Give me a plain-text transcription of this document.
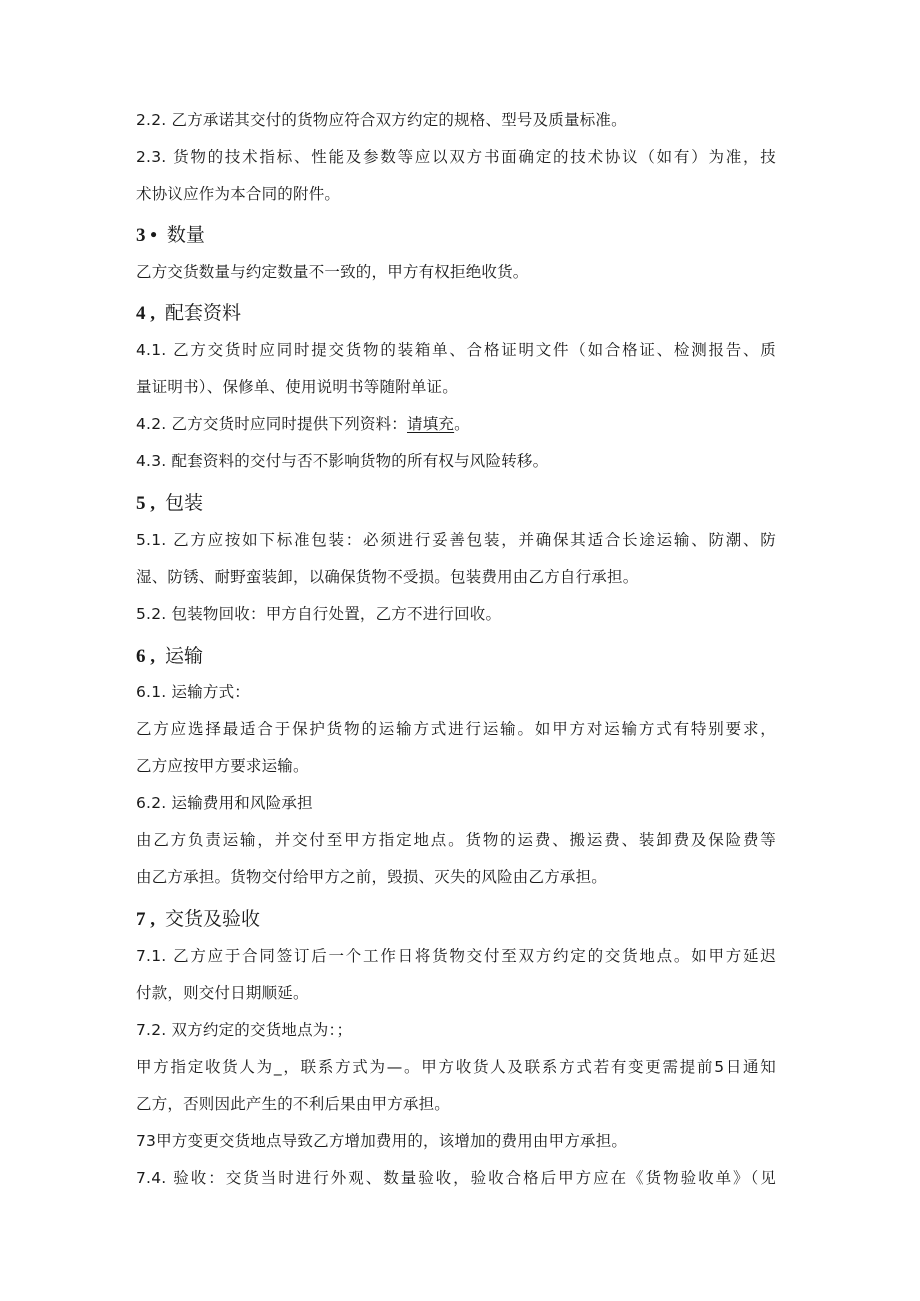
2.2. 乙方承诺其交付的货物应符合双方约定的规格、型号及质量标准。
2.3. 货物的技术指标、性能及参数等应以双方书面确定的技术协议（如有）为准，技
术协议应作为本合同的附件。
3 • 数量
乙方交货数量与约定数量不一致的，甲方有权拒绝收货。
4 , 配套资料
4.1. 乙方交货时应同时提交货物的装箱单、合格证明文件（如合格证、检测报告、质
量证明书）、保修单、使用说明书等随附单证。
4.2. 乙方交货时应同时提供下列资料：请填充。
4.3. 配套资料的交付与否不影响货物的所有权与风险转移。
5 , 包装
5.1. 乙方应按如下标准包装：必须进行妥善包装，并确保其适合长途运输、防潮、防
湿、防锈、耐野蛮装卸，以确保货物不受损。包装费用由乙方自行承担。
5.2. 包装物回收：甲方自行处置，乙方不进行回收。
6 , 运输
6.1. 运输方式：
乙方应选择最适合于保护货物的运输方式进行运输。如甲方对运输方式有特别要求，
乙方应按甲方要求运输。
6.2. 运输费用和风险承担
由乙方负责运输，并交付至甲方指定地点。货物的运费、搬运费、装卸费及保险费等
由乙方承担。货物交付给甲方之前，毁损、灭失的风险由乙方承担。
7 , 交货及验收
7.1. 乙方应于合同签订后一个工作日将货物交付至双方约定的交货地点。如甲方延迟
付款，则交付日期顺延。
7.2. 双方约定的交货地点为：；
甲方指定收货人为_，联系方式为—。甲方收货人及联系方式若有变更需提前5日通知
乙方，否则因此产生的不利后果由甲方承担。
73甲方变更交货地点导致乙方增加费用的，该增加的费用由甲方承担。
7.4. 验收：交货当时进行外观、数量验收，验收合格后甲方应在《货物验收单》（见
